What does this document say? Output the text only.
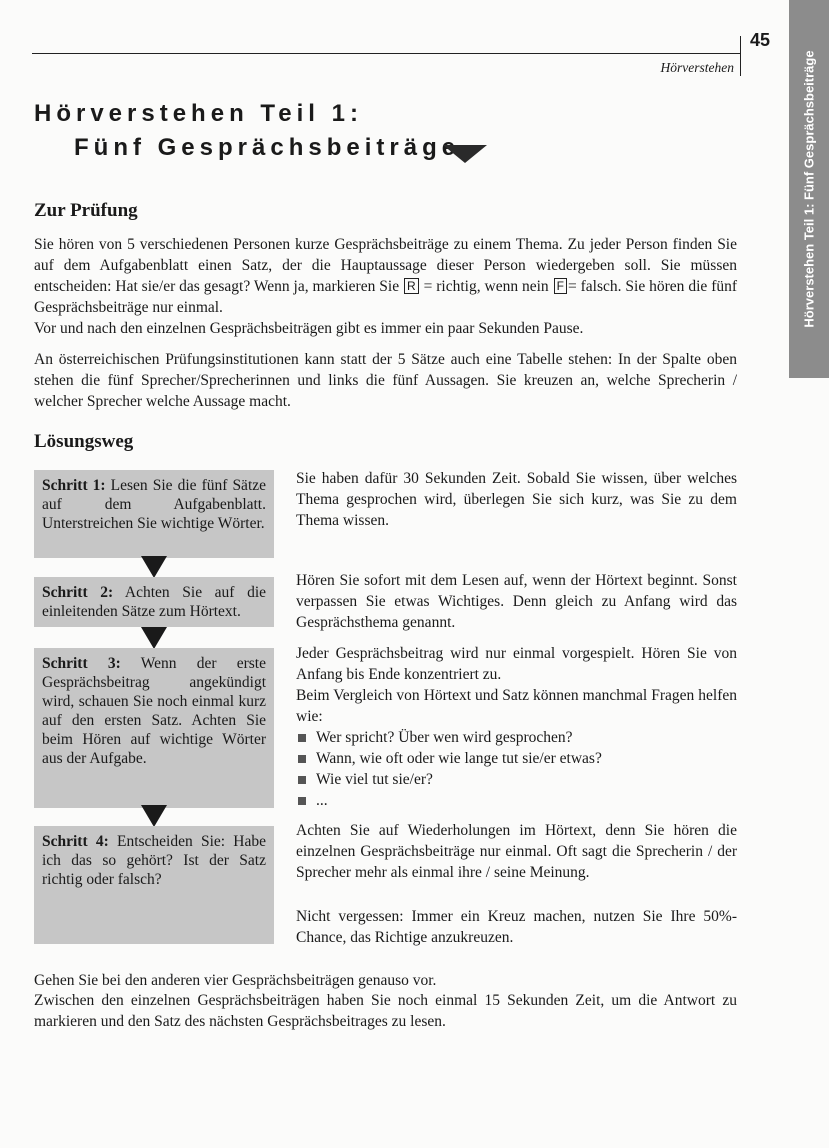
45
Hörverstehen	Hörverstehen Teil 1: Fünf Gesprächsbeiträge
Hörverstehen Teil 1:
Fünf Gesprächsbeiträge
Zur Prüfung

Sie hören von 5 verschiedenen Personen kurze Gesprächsbeiträge zu einem Thema. Zu jeder Person finden Sie auf dem Aufgabenblatt einen Satz, der die Hauptaussage dieser Person wiedergeben soll. Sie müssen entscheiden: Hat sie/er das gesagt? Wenn ja, markieren Sie R = richtig, wenn nein F = falsch. Sie hören die fünf Gesprächsbeiträge nur einmal.

Vor und nach den einzelnen Gesprächsbeiträgen gibt es immer ein paar Sekunden Pause.

An österreichischen Prüfungsinstitutionen kann statt der 5 Sätze auch eine Tabelle stehen: In der Spalte oben stehen die fünf Sprecher/Sprecherinnen und links die fünf Aussagen. Sie kreuzen an, welche Sprecherin / welcher Sprecher welche Aussage macht.

Lösungsweg

Schritt 1: Lesen Sie die fünf Sätze auf dem Aufgabenblatt. Unterstreichen Sie wichtige Wörter.

Schritt 2: Achten Sie auf die einleitenden Sätze zum Hörtext.

Schritt 3: Wenn der erste Gesprächsbeitrag angekündigt wird, schauen Sie noch einmal kurz auf den ersten Satz. Achten Sie beim Hören auf wichtige Wörter aus der Aufgabe.

Schritt 4: Entscheiden Sie: Habe ich das so gehört? Ist der Satz richtig oder falsch?

Sie haben dafür 30 Sekunden Zeit. Sobald Sie wissen, über welches Thema gesprochen wird, überlegen Sie sich kurz, was Sie zu dem Thema wissen.

Hören Sie sofort mit dem Lesen auf, wenn der Hörtext beginnt. Sonst verpassen Sie etwas Wichtiges. Denn gleich zu Anfang wird das Gesprächsthema genannt.

Jeder Gesprächsbeitrag wird nur einmal vorgespielt. Hören Sie von Anfang bis Ende konzentriert zu.

Beim Vergleich von Hörtext und Satz können manchmal Fragen helfen wie:

Wer spricht? Über wen wird gesprochen?
Wann, wie oft oder wie lange tut sie/er etwas?
Wie viel tut sie/er?
...

Achten Sie auf Wiederholungen im Hörtext, denn Sie hören die einzelnen Gesprächsbeiträge nur einmal. Oft sagt die Sprecherin / der Sprecher mehr als einmal ihre / seine Meinung.

Nicht vergessen: Immer ein Kreuz machen, nutzen Sie Ihre 50%-Chance, das Richtige anzukreuzen.

Gehen Sie bei den anderen vier Gesprächsbeiträgen genauso vor.

Zwischen den einzelnen Gesprächsbeiträgen haben Sie noch einmal 15 Sekunden Zeit, um die Antwort zu markieren und den Satz des nächsten Gesprächsbeitrages zu lesen.
